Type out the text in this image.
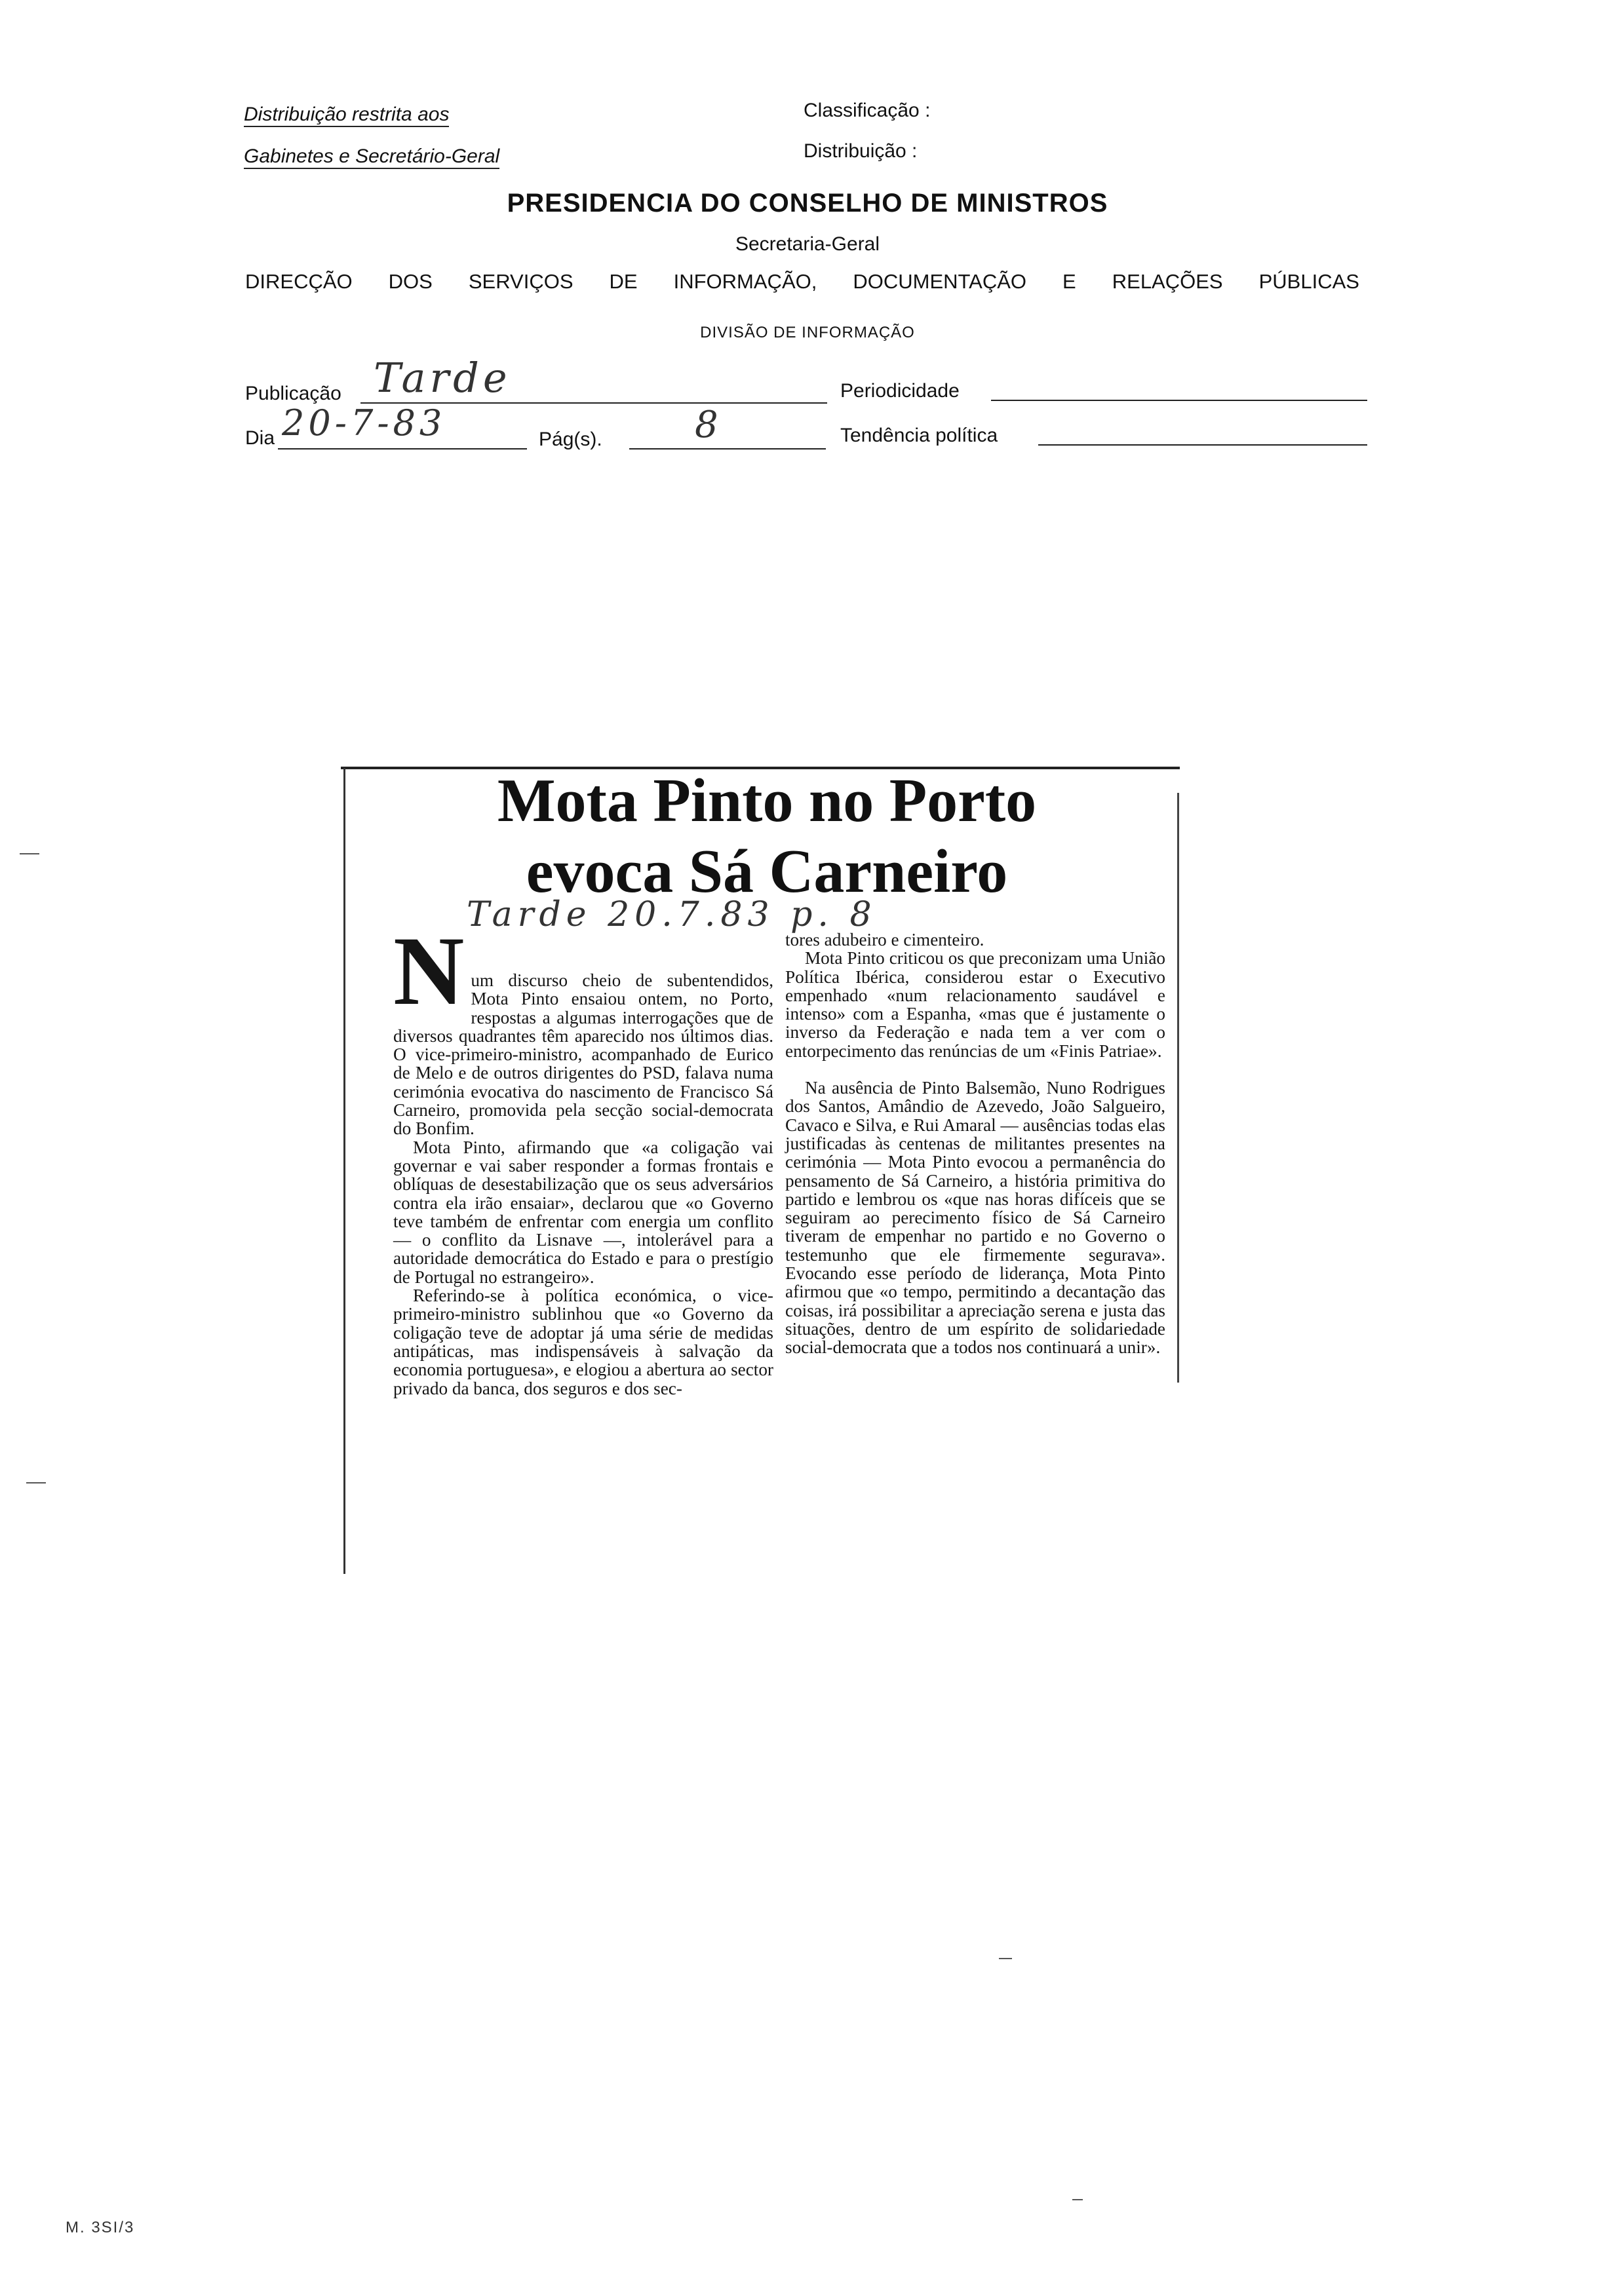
Distribuição restrita aos
Gabinetes e Secretário-Geral
Classificação :
Distribuição :
PRESIDENCIA DO CONSELHO DE MINISTROS
Secretaria-Geral
DIRECÇÃO DOS SERVIÇOS DE INFORMAÇÃO, DOCUMENTAÇÃO E RELAÇÕES PÚBLICAS
DIVISÃO DE INFORMAÇÃO
Publicação Tarde	Periodicidade
Dia 20-7-83	Pág(s).	8	Tendência política
Mota Pinto no Porto
evoca Sá Carneiro
Tarde 20.7.83 p. 8
N um discurso cheio de subentendidos, Mota Pinto ensaiou ontem, no Porto, respostas a algumas interrogações que de diversos quadrantes têm aparecido nos últimos dias. O vice-primeiro-ministro, acompanhado de Eurico de Melo e de outros dirigentes do PSD, falava numa cerimónia evocativa do nascimento de Francisco Sá Carneiro, promovida pela secção social-democrata do Bonfim.

Mota Pinto, afirmando que «a coligação vai governar e vai saber responder a formas frontais e oblíquas de desestabilização que os seus adversários contra ela irão ensaiar», declarou que «o Governo teve também de enfrentar com energia um conflito — o conflito da Lisnave —, intolerável para a autoridade democrática do Estado e para o prestígio de Portugal no estrangeiro».

Referindo-se à política económica, o vice-primeiro-ministro sublinhou que «o Governo da coligação teve de adoptar já uma série de medidas antipáticas, mas indispensáveis à salvação da economia portuguesa», e elogiou a abertura ao sector privado da banca, dos seguros e dos sec-

tores adubeiro e cimenteiro.

Mota Pinto criticou os que preconizam uma União Política Ibérica, considerou estar o Executivo empenhado «num relacionamento saudável e intenso» com a Espanha, «mas que é justamente o inverso da Federação e nada tem a ver com o entorpecimento das renúncias de um «Finis Patriae».

Na ausência de Pinto Balsemão, Nuno Rodrigues dos Santos, Amândio de Azevedo, João Salgueiro, Cavaco e Silva, e Rui Amaral — ausências todas elas justificadas às centenas de militantes presentes na cerimónia — Mota Pinto evocou a permanência do pensamento de Sá Carneiro, a história primitiva do partido e lembrou os «que nas horas difíceis que se seguiram ao perecimento físico de Sá Carneiro tiveram de empenhar no partido e no Governo o testemunho que ele firmemente segurava». Evocando esse período de liderança, Mota Pinto afirmou que «o tempo, permitindo a decantação das coisas, irá possibilitar a apreciação serena e justa das situações, dentro de um espírito de solidariedade social-democrata que a todos nos continuará a unir».

M. 3SI/3
